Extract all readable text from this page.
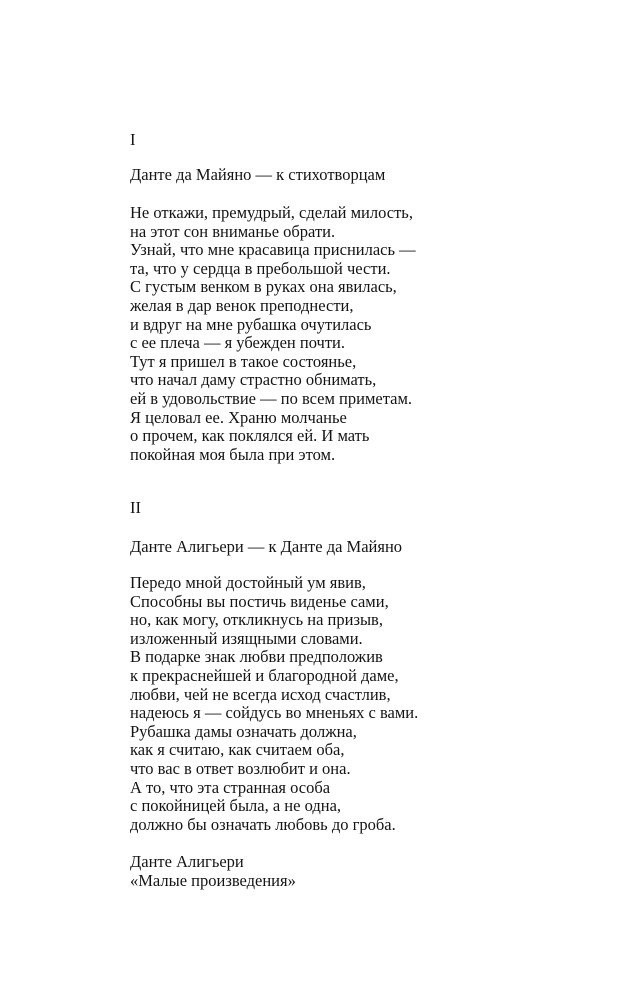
I
Данте да Майяно — к стихотворцам
Не откажи, премудрый, сделай милость,
на этот сон вниманье обрати.
Узнай, что мне красавица приснилась —
та, что у сердца в пребольшой чести.
С густым венком в руках она явилась,
желая в дар венок преподнести,
и вдруг на мне рубашка очутилась
с ее плеча — я убежден почти.
Тут я пришел в такое состоянье,
что начал даму страстно обнимать,
ей в удовольствие — по всем приметам.
Я целовал ее. Храню молчанье
о прочем, как поклялся ей. И мать
покойная моя была при этом.
II
Данте Алигьери — к Данте да Майяно
Передо мной достойный ум явив,
Способны вы постичь виденье сами,
но, как могу, откликнусь на призыв,
изложенный изящными словами.
В подарке знак любви предположив
к прекраснейшей и благородной даме,
любви, чей не всегда исход счастлив,
надеюсь я — сойдусь во мненьях с вами.
Рубашка дамы означать должна,
как я считаю, как считаем оба,
что вас в ответ возлюбит и она.
А то, что эта странная особа
с покойницей была, а не одна,
должно бы означать любовь до гроба.
Данте Алигьери
«Малые произведения»
